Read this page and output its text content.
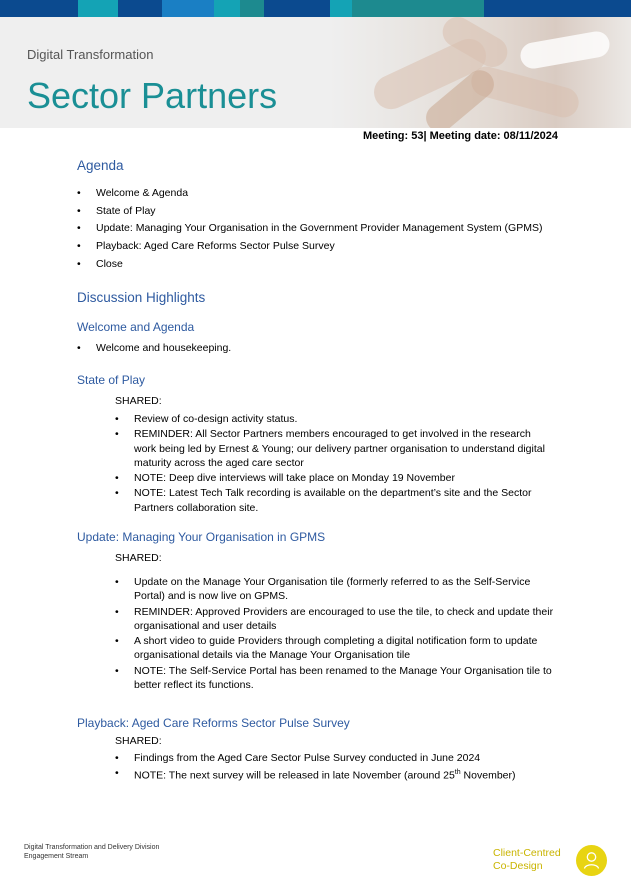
Digital Transformation
Sector Partners
Meeting: 53| Meeting date: 08/11/2024
Agenda
• Welcome & Agenda
• State of Play
• Update: Managing Your Organisation in the Government Provider Management System (GPMS)
• Playback: Aged Care Reforms Sector Pulse Survey
• Close
Discussion Highlights
Welcome and Agenda
• Welcome and housekeeping.
State of Play
SHARED:
• Review of co-design activity status.
• REMINDER: All Sector Partners members encouraged to get involved in the research work being led by Ernest & Young; our delivery partner organisation to understand digital maturity across the aged care sector
• NOTE: Deep dive interviews will take place on Monday 19 November
• NOTE: Latest Tech Talk recording is available on the department’s site and the Sector Partners collaboration site.
Update: Managing Your Organisation in GPMS
SHARED:
• Update on the Manage Your Organisation tile (formerly referred to as the Self-Service Portal) and is now live on GPMS.
• REMINDER: Approved Providers are encouraged to use the tile, to check and update their organisational and user details
• A short video to guide Providers through completing a digital notification form to update organisational details via the Manage Your Organisation tile
• NOTE: The Self-Service Portal has been renamed to the Manage Your Organisation tile to better reflect its functions.
Playback: Aged Care Reforms Sector Pulse Survey
SHARED:
• Findings from the Aged Care Sector Pulse Survey conducted in June 2024
• NOTE: The next survey will be released in late November (around 25th November)
Digital Transformation and Delivery Division
Engagement Stream	Client-Centred
Co-Design
